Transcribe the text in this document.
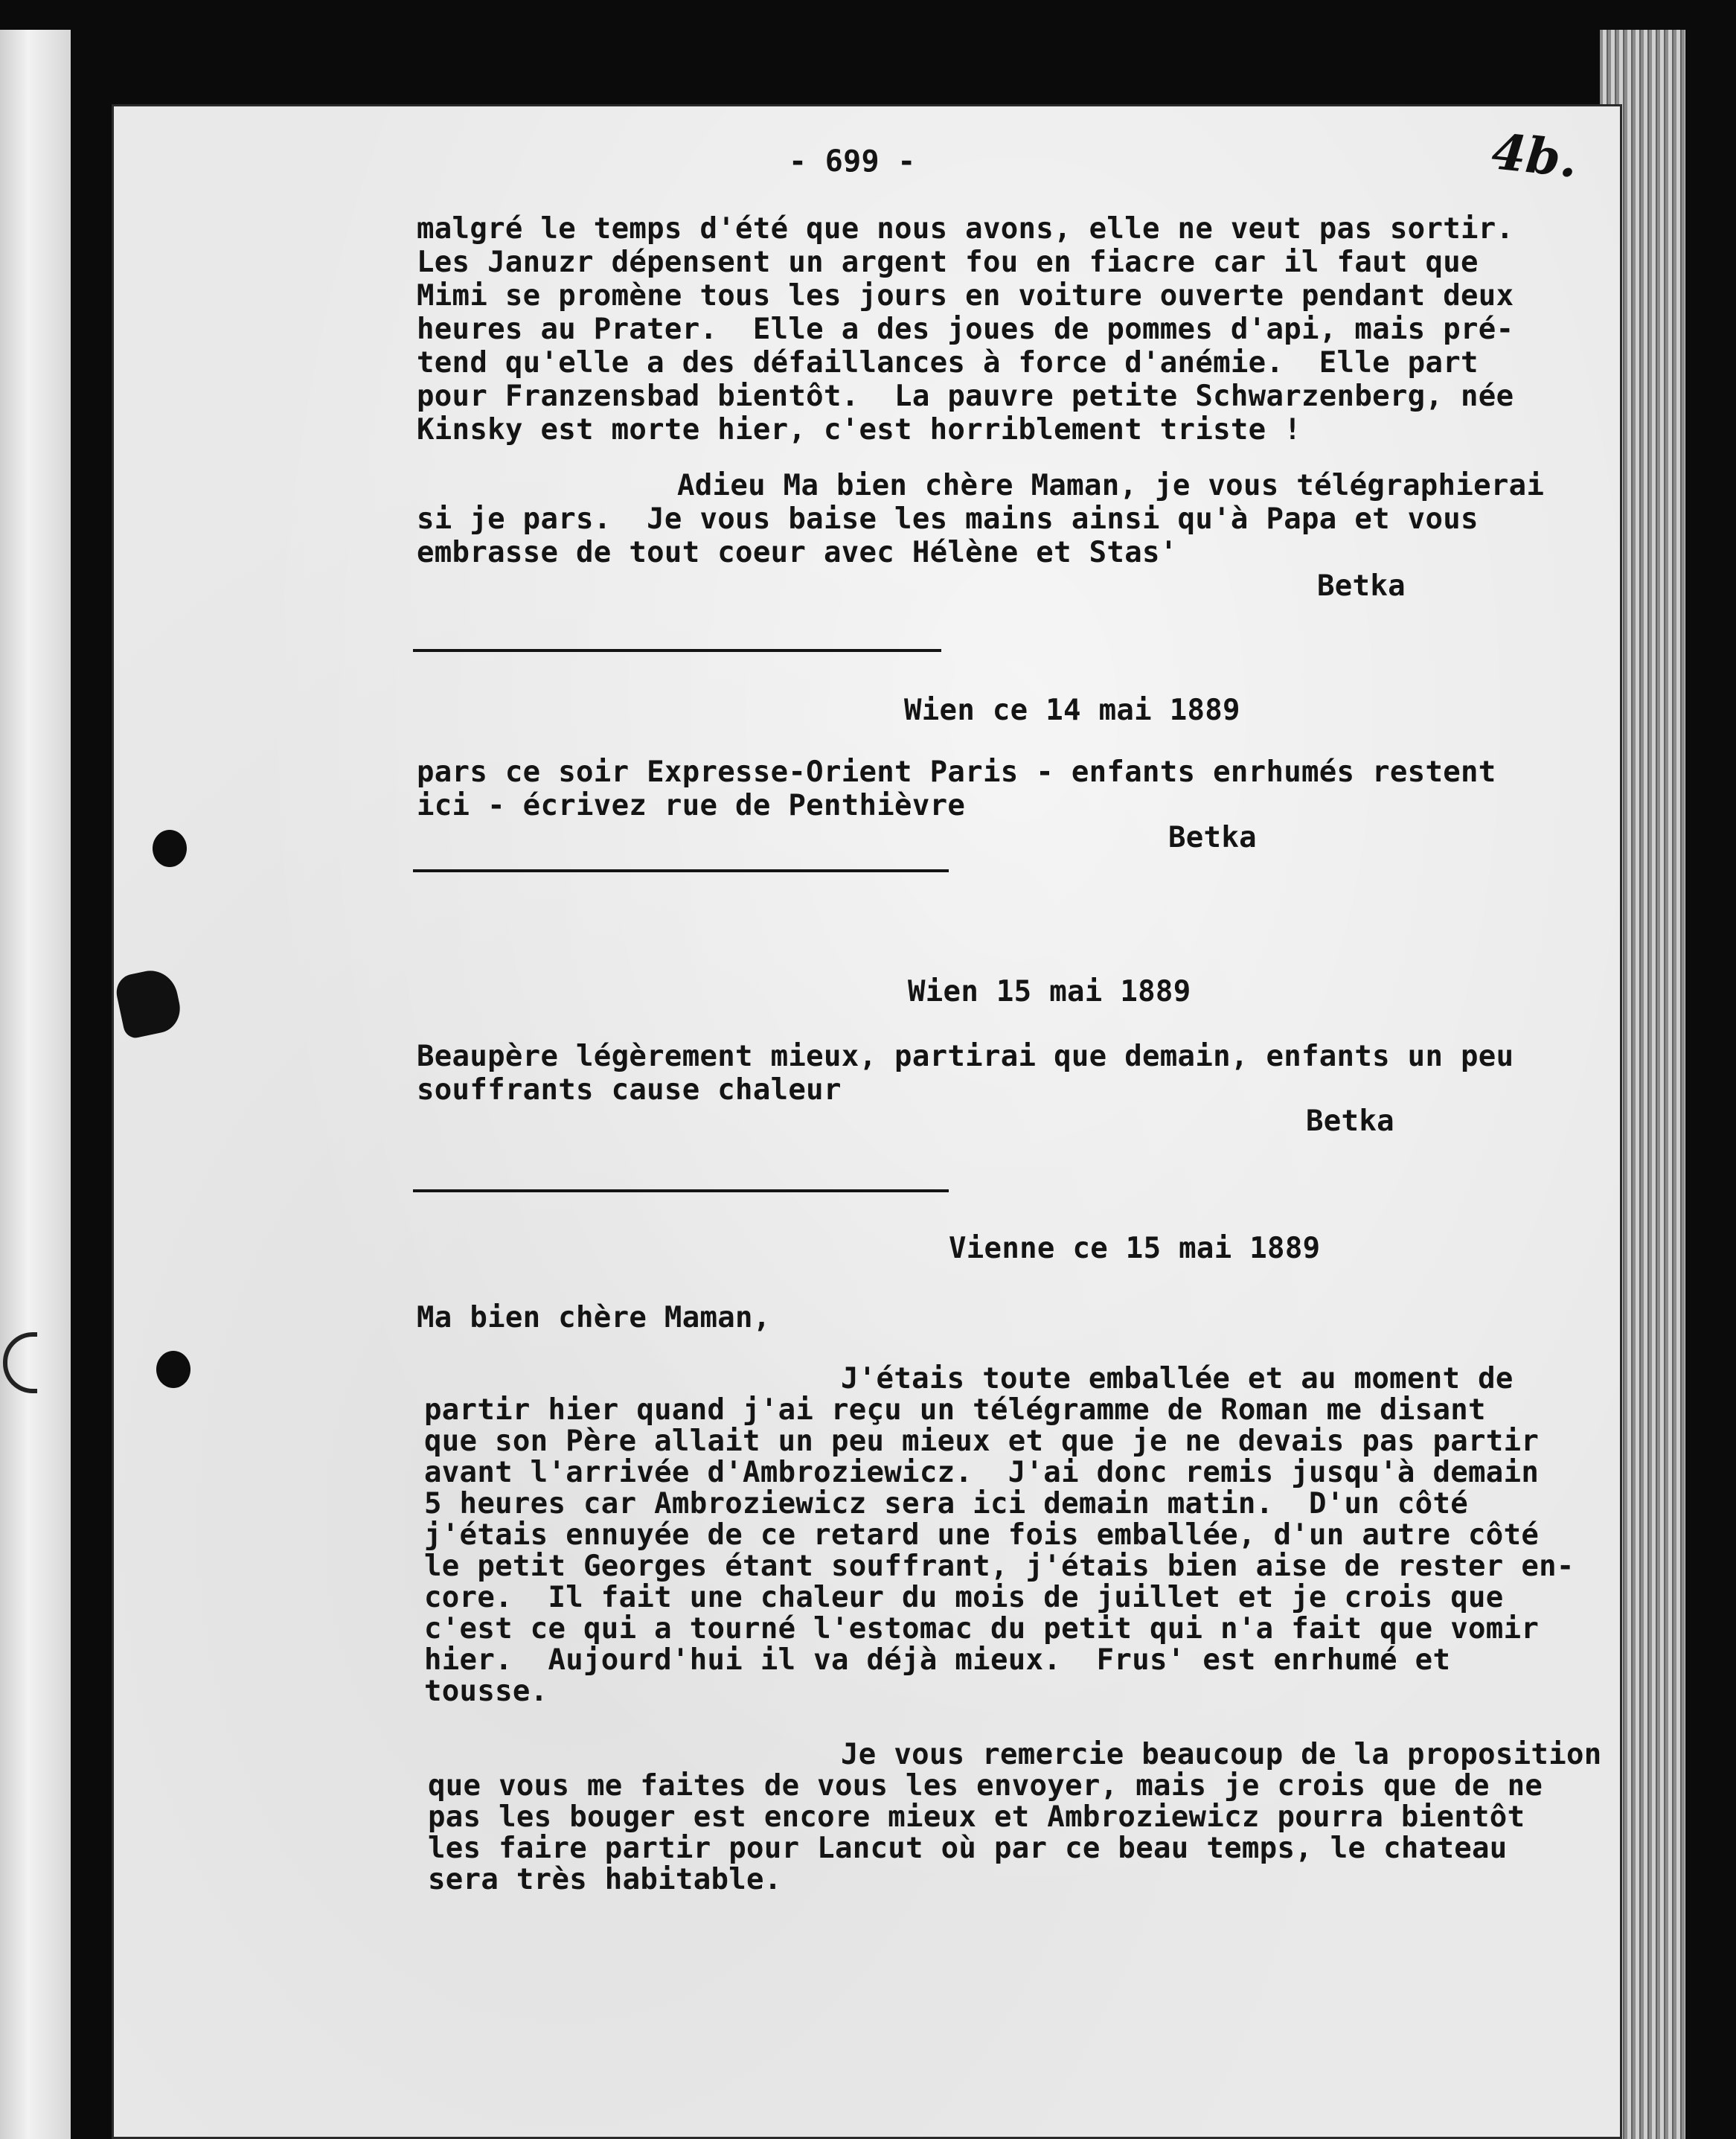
- 699 -	4b.

malgré le temps d'été que nous avons, elle ne veut pas sortir.

Les Januzr dépensent un argent fou en fiacre car il faut que

Mimi se promène tous les jours en voiture ouverte pendant deux

heures au Prater.  Elle a des joues de pommes d'api, mais pré-

tend qu'elle a des défaillances à force d'anémie.  Elle part

pour Franzensbad bientôt.  La pauvre petite Schwarzenberg, née

Kinsky est morte hier, c'est horriblement triste !

Adieu Ma bien chère Maman, je vous télégraphierai

si je pars.  Je vous baise les mains ainsi qu'à Papa et vous

embrasse de tout coeur avec Hélène et Stas'

Betka

Wien ce 14 mai 1889

pars ce soir Expresse-Orient Paris - enfants enrhumés restent

ici - écrivez rue de Penthièvre

Betka

Wien 15 mai 1889

Beaupère légèrement mieux, partirai que demain, enfants un peu

souffrants cause chaleur

Betka

Vienne ce 15 mai 1889

Ma bien chère Maman,

J'étais toute emballée et au moment de

partir hier quand j'ai reçu un télégramme de Roman me disant

que son Père allait un peu mieux et que je ne devais pas partir

avant l'arrivée d'Ambroziewicz.  J'ai donc remis jusqu'à demain

5 heures car Ambroziewicz sera ici demain matin.  D'un côté

j'étais ennuyée de ce retard une fois emballée, d'un autre côté

le petit Georges étant souffrant, j'étais bien aise de rester en-

core.  Il fait une chaleur du mois de juillet et je crois que

c'est ce qui a tourné l'estomac du petit qui n'a fait que vomir

hier.  Aujourd'hui il va déjà mieux.  Frus' est enrhumé et

tousse.

Je vous remercie beaucoup de la proposition

que vous me faites de vous les envoyer, mais je crois que de ne

pas les bouger est encore mieux et Ambroziewicz pourra bientôt

les faire partir pour Lancut où par ce beau temps, le chateau

sera très habitable.
